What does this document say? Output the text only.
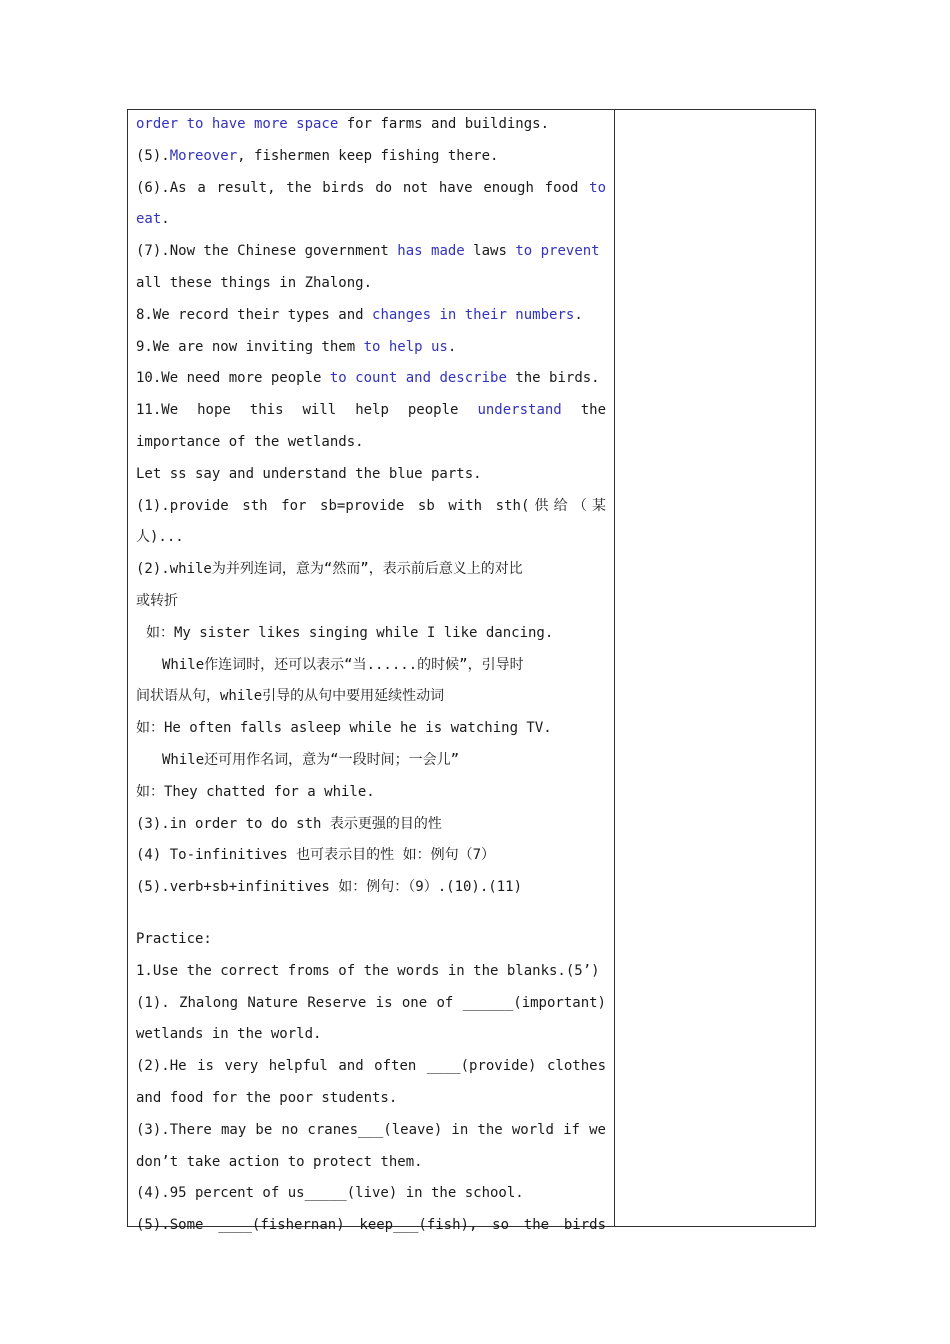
order to have more space for farms and buildings.
(5).Moreover, fishermen keep fishing there.
(6).As a result, the birds do not have enough food to
eat.
(7).Now the Chinese government has made laws to prevent
all these things in Zhalong.
8.We record their types and changes in their numbers.
9.We are now inviting them to help us.
10.We need more people to count and describe the birds.
11.We hope this will help people understand the
importance of the wetlands.
Let ss say and understand the blue parts.
(1).provide sth for sb=provide sb with sth(供给（某
人)...
(2).while为并列连词，意为“然而”，表示前后意义上的对比
或转折
如：My sister likes singing while I like dancing.
While作连词时，还可以表示“当......的时候”，引导时
间状语从句，while引导的从句中要用延续性动词
如：He often falls asleep while he is watching TV.
While还可用作名词，意为“一段时间；一会儿”
如：They chatted for a while.
(3).in order to do sth 表示更强的目的性
(4) To-infinitives 也可表示目的性 如：例句（7）
(5).verb+sb+infinitives 如：例句：（9）.(10).(11)
Practice:
1.Use the correct froms of the words in the blanks.(5’)
(1). Zhalong Nature Reserve is one of ______(important)
wetlands in the world.
(2).He is very helpful and often ____(provide) clothes
and food for the poor students.
(3).There may be no cranes___(leave) in the world if we
don’t take action to protect them.
(4).95 percent of us_____(live) in the school.
(5).Some ____(fishernan) keep___(fish), so the birds
